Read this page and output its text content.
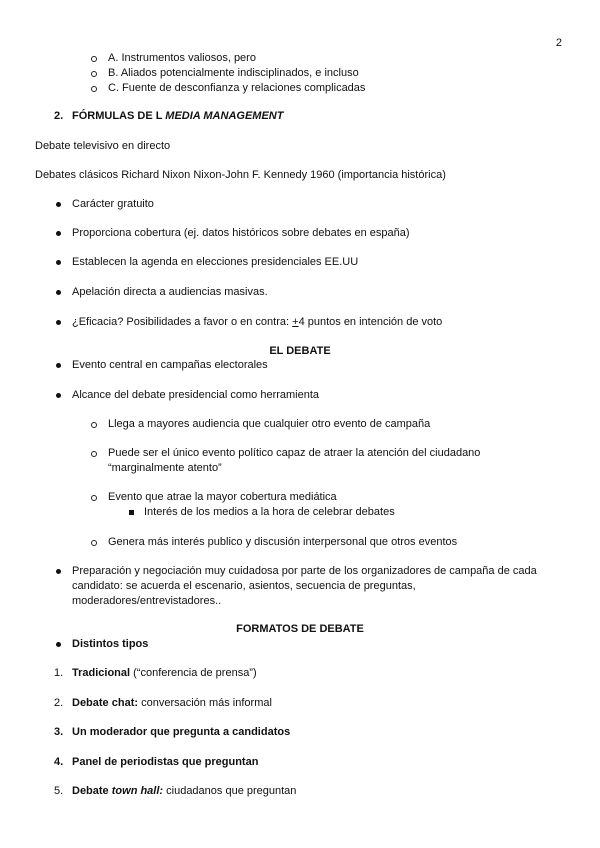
2
A. Instrumentos valiosos, pero
B. Aliados potencialmente indisciplinados, e incluso
C. Fuente de desconfianza y relaciones complicadas
2. FÓRMULAS DE L MEDIA MANAGEMENT
Debate televisivo en directo
Debates clásicos Richard Nixon Nixon-John F. Kennedy 1960 (importancia histórica)
Carácter gratuito
Proporciona cobertura (ej. datos históricos sobre debates en españa)
Establecen la agenda en elecciones presidenciales EE.UU
Apelación directa a audiencias masivas.
¿Eficacia? Posibilidades a favor o en contra: +4 puntos en intención de voto
EL DEBATE
Evento central en campañas electorales
Alcance del debate presidencial como herramienta
Llega a mayores audiencia que cualquier otro evento de campaña
Puede ser el único evento político capaz de atraer la atención del ciudadano
“marginalmente atento”
Evento que atrae la mayor cobertura mediática
Interés de los medios a la hora de celebrar debates
Genera más interés publico y discusión interpersonal que otros eventos
Preparación y negociación muy cuidadosa por parte de los organizadores de campaña de cada
candidato: se acuerda el escenario, asientos, secuencia de preguntas,
moderadores/entrevistadores..
FORMATOS DE DEBATE
Distintos tipos
1. Tradicional (“conferencia de prensa”)
2. Debate chat: conversación más informal
3. Un moderador que pregunta a candidatos
4. Panel de periodistas que preguntan
5. Debate town hall: ciudadanos que preguntan
